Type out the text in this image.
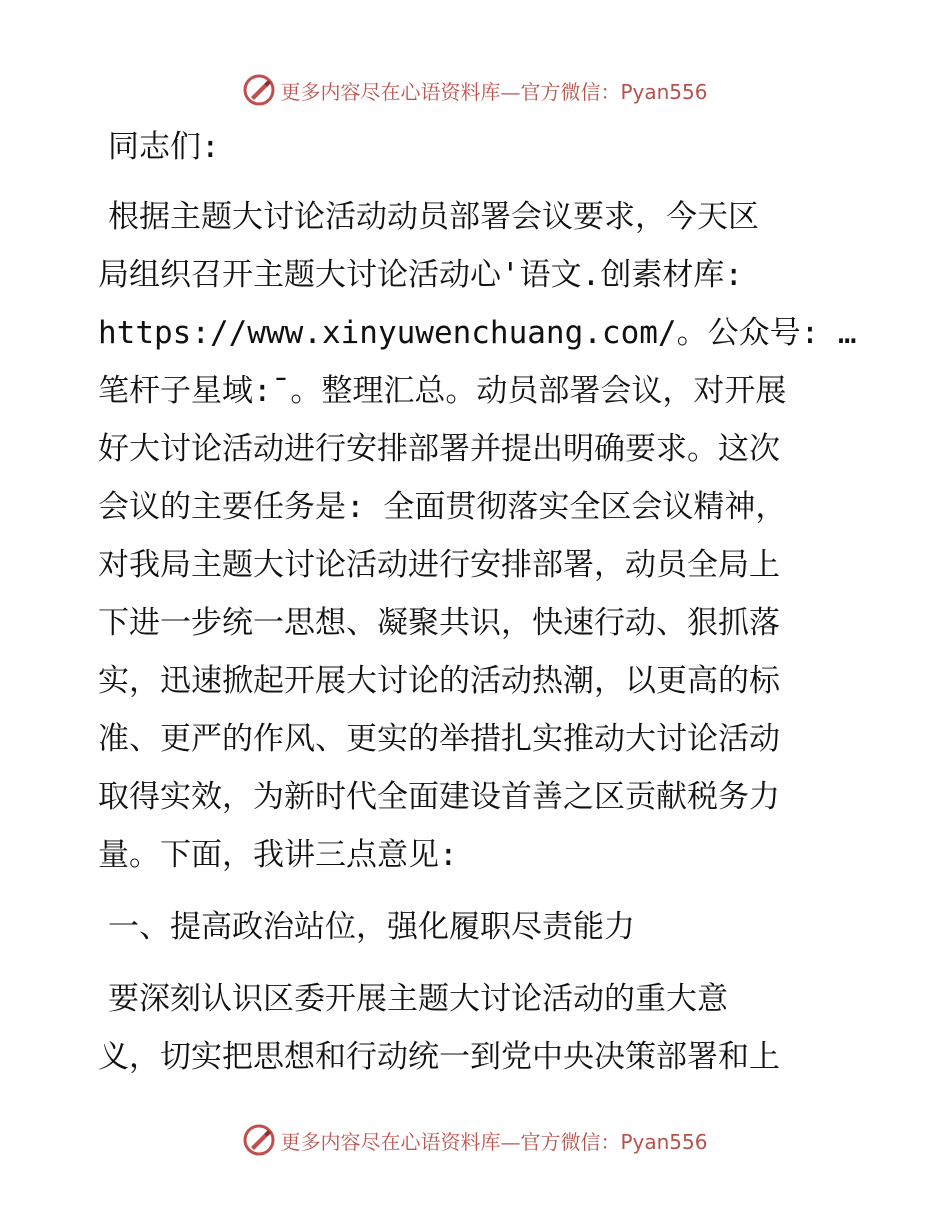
更多内容尽在心语资料库—官方微信：Pyan556

同志们:

根据主题大讨论活动动员部署会议要求，今天区
局组织召开主题大讨论活动心'语文.创素材库:
https://www.xinyuwenchuang.com/。公众号: …
笔杆子星域:¯。整理汇总。动员部署会议，对开展
好大讨论活动进行安排部署并提出明确要求。这次
会议的主要任务是: 全面贯彻落实全区会议精神，
对我局主题大讨论活动进行安排部署，动员全局上
下进一步统一思想、凝聚共识，快速行动、狠抓落
实，迅速掀起开展大讨论的活动热潮，以更高的标
准、更严的作风、更实的举措扎实推动大讨论活动
取得实效，为新时代全面建设首善之区贡献税务力
量。下面，我讲三点意见:

一、提高政治站位，强化履职尽责能力

要深刻认识区委开展主题大讨论活动的重大意
义，切实把思想和行动统一到党中央决策部署和上

更多内容尽在心语资料库—官方微信：Pyan556
